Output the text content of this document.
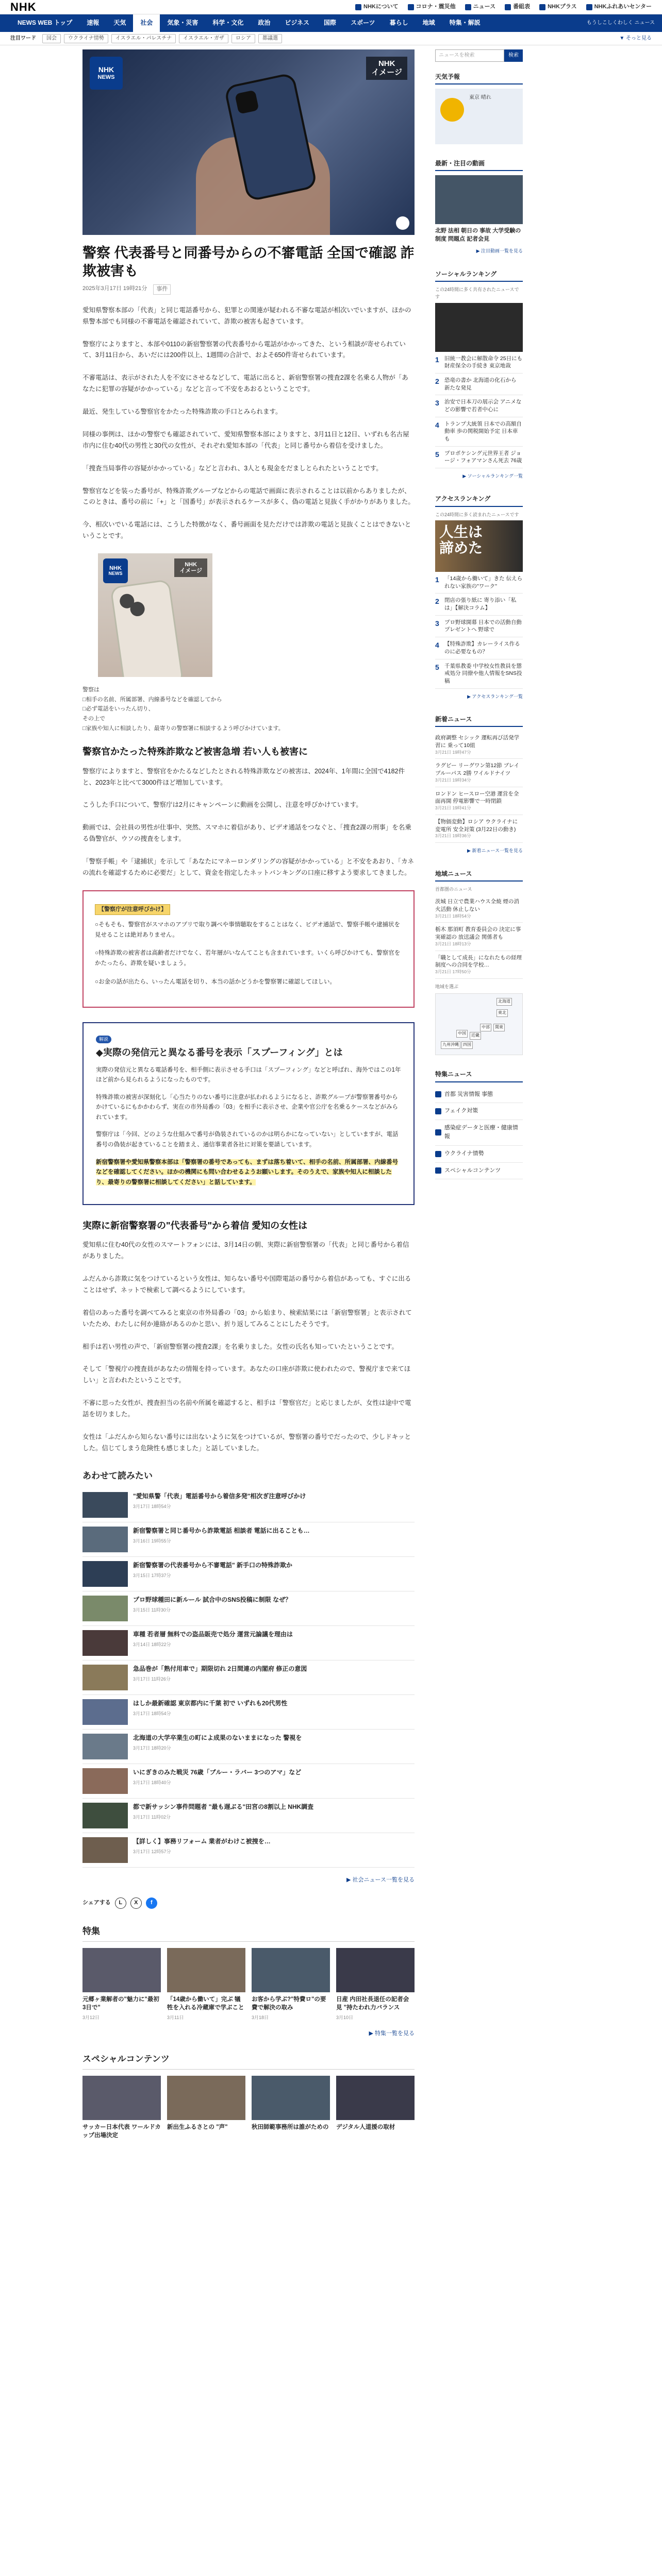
NHK	NHKについて	コロナ・震災他	ニュース	番組表	NHKプラス	NHKふれあいセンター
NEWS WEB トップ	速報	天気	社会	気象・災害	科学・文化	政治	ビジネス	国際	スポーツ	暮らし	地域	特集・解説	もうしこしくわしく ニュース
注目ワード	国会	ウクライナ情勢	イスラエル・パレスチナ	イスラエル・ガザ	ロシア	都議選	▼ そっと見る
NHK
NEWS
NHK
イメージ
警察 代表番号と同番号からの不審電話 全国で確認 詐欺被害も
2025年3月17日 19時21分	事件

愛知県警察本部の「代表」と同じ電話番号から、犯罪との関連が疑われる不審な電話が相次いでいますが、ほかの県警本部でも同様の不審電話を確認されていて、詐欺の被害も起きています。

警察庁によりますと、本部や0110の新宿警察署の代表番号から電話がかかってきた、という相談が寄せられていて、3月11日から、あいだには200件以上、1週間の合計で、およそ650件寄せられています。

不審電話は、表示がされた人を不安にさせるなどして、電話に出ると、新宿警察署の捜査2課を名乗る人物が「あなたに犯罪の容疑がかかっている」などと言って不安をあおるということです。

最近、発生している警察官をかたった特殊詐欺の手口とみられます。

同様の事例は、ほかの警察でも確認されていて、愛知県警察本部によりますと、3月11日と12日、いずれも名古屋市内に住む40代の男性と30代の女性が、それぞれ愛知本部の「代表」と同じ番号から着信を受けました。

「捜査当局事件の容疑がかかっている」などと言われ、3人とも現金をだましとられたということです。

警察官などを装った番号が、特殊詐欺グループなどからの電話で画面に表示されることは以前からありましたが、このときは、番号の前に「+」と「国番号」が表示されるケースが多く、偽の電話と見抜く手がかりがありました。

今、相次いでいる電話には、こうした特徴がなく、番号画面を見ただけでは詐欺の電話と見抜くことはできないということです。

NHK
NEWS
NHK
イメージ
警察は
□相手の名前、所属部署、内線番号などを確認してから
□必ず電話をいったん切り、
その上で
□家族や知人に相談したり、最寄りの警察署に相談するよう呼びかけています。
警察官かたった特殊詐欺など被害急増 若い人も被害に

警察庁によりますと、警察官をかたるなどしたとされる特殊詐欺などの被害は、2024年、1年間に全国で4182件と、2023年と比べて3000件ほど増加しています。

こうした手口について、警察庁は2月にキャンペーンに動画を公開し、注意を呼びかけています。

動画では、会社員の男性が仕事中、突然、スマホに着信があり、ビデオ通話をつなぐと、「捜査2課の刑事」を名乗る偽警官が、ウソの捜査をします。

「警察手帳」や「逮捕状」を示して「あなたにマネーロンダリングの容疑がかかっている」と不安をあおり、「カネの流れを確認するために必要だ」として、資金を指定したネットバンキングの口座に移すよう要求してきました。

【警察庁が注意呼びかけ】

○そもそも、警察官がスマホのアプリで取り調べや事情聴取をすることはなく、ビデオ通話で、警察手帳や逮捕状を見せることは絶対ありません。

○特殊詐欺の被害者は高齢者だけでなく、若年層がいなんてことも含まれています。いくら呼びかけても、警察官をかたったら、詐欺を疑いましょう。

○お金の話が出たら、いったん電話を切り、本当の話かどうかを警察署に確認してほしい。

解説
◆実際の発信元と異なる番号を表示「スプーフィング」とは

実際の発信元と異なる電話番号を、相手側に表示させる手口は「スプーフィング」などと呼ばれ、海外ではこの1年ほど前から見られるようになったものです。

特殊詐欺の被害が深刻化し「心当たりのない番号に注意が払われるようになると、詐欺グループが警察署番号からかけているにもかかわらず、実在の市外局番の「03」を相手に表示させ、企業や官公庁を名乗るケースなどがみられています。

警察庁は「今回、どのような仕組みで番号が偽装されているのかは明らかになっていない」としていますが、電話番号の偽装が起きていることを踏まえ、通信事業者各社に対策を要請しています。

新宿警察署や愛知県警察本部は「警察署の番号であっても、まずは落ち着いて、相手の名前、所属部署、内線番号などを確認してください。ほかの機関にも問い合わせるようお願いします。そのうえで、家族や知人に相談したり、最寄りの警察署に相談してください」と話しています。

実際に新宿警察署の"代表番号"から着信 愛知の女性は

愛知県に住む40代の女性のスマートフォンには、3月14日の朝、実際に新宿警察署の「代表」と同じ番号から着信がありました。

ふだんから詐欺に気をつけているという女性は、知らない番号や国際電話の番号から着信があっても、すぐに出ることはせず、ネットで検索して調べるようにしています。

着信のあった番号を調べてみると東京の市外局番の「03」から始まり、検索結果には「新宿警察署」と表示されていたため、わたしに何か連絡があるのかと思い、折り返してみることにしたそうです。

相手は若い男性の声で、「新宿警察署の捜査2課」を名乗りました。女性の氏名も知っていたということです。

そして「警視庁の捜査員があなたの情報を持っています。あなたの口座が詐欺に使われたので、警視庁まで来てほしい」と言われたということです。

不審に思った女性が、捜査担当の名前や所属を確認すると、相手は「警察官だ」と応じましたが、女性は途中で電話を切りました。

女性は「ふだんから知らない番号には出ないように気をつけているが、警察署の番号でだったので、少しドキッとした。信じてしまう危険性も感じました」と話していました。

あわせて読みたい
"愛知県警「代表」電話番号から着信多発"相次ぎ注意呼びかけ
3月17日 18時54分
新宿警察署と同じ番号から詐欺電話 相談者 電話に出ることも…
3月16日 19時55分
新宿警察署の代表番号から不審電話" 新手口の特殊詐欺か
3月15日 17時37分
プロ野球種田に新ルール 試合中のSNS投稿に制限 なぜ？
3月15日 11時30分
車種 若者層 無料での盗品販売で処分 運営元論議を理由は
3月14日 18時22分
急品巻が「熟付用車で」期限切れ 2日間連の内閣府 修正の意図
3月17日 11時26分
はしか最新確認 東京都内に千葉 初で いずれも20代男性
3月17日 18時54分
北海道の大学卒業生の町によ成果のないままになった 警視を
3月17日 18時20分
いにぎきのみた戦災 76歳「ブルー・ラバー 3つのアマ」など
3月17日 18時40分
都で新サッシン事件問題者 "最も遅ぶる"田宮の8割以上 NHK調査
3月17日 11時02分
【詳しく】事務リフォーム 業者がわけこ被捜を…
3月17日 12時57分
▶ 社会ニュース一覧を見る
シェアする	L	X	f
特集
元郷ヶ業解者の"魅力に"最初3日で"
3月12日
「14歳から働いて」完ぶ 犠牲を入れる冷蔵庫で学ぶこと
3月11日
お客から学ぶ?"特費ロ"の要費で解決の取み
3月18日
日産 内田社長退任の記者会見 "持たわれ力バランス
3月10日
▶ 特集一覧を見る
スペシャルコンテンツ
サッカー日本代表 ワールドカップ出場決定
新出生ふるさとの "声"	秋田師範事務所は誰がための デジタル人道援の取材
ニュースを検索	検索
天気予報
東京 晴れ
最新・注目の動画
北野 法相 朝日の 事故 大学受験の制度 問題点 記者会見
▶ 注目動画一覧を見る
ソーシャルランキング
この24時間に多く共有されたニュースです
1 旧統一教会に解散命令 25日にも財産保全の手続き 東京地裁
2 恐竜の書か 北海道の化石から 新たな発見
3 治安で日本刀の展示会 アニメなどの影響で若者中心に
4 トランプ大統領 日本での高額自動車 歩の関税開始予定 日本車も
5 プロポケシング元世界王者 ジョージ・フォアマンさん死去 76歳
▶ ソーシャルランキング一覧
アクセスランキング
この24時間に多く読まれたニュースです
人生は
諦めた
1 「14歳から働いて」きた 伝えられない家族の"ワーク"
2 閉店の張り紙に 寄り添い「私は」【解決コラム】
3 プロ野球開幕 日本での活動自動プレゼントへ 野球で
4 【特殊詐欺】カレーライス作るのに必要なもの？
5 千葉県教委 中学校女性教員を懲戒処分 同僚や他人情報をSNS投稿
▶ アクセスランキング一覧
新着ニュース
政府調整 セシック 運転再び活発学習に 乗って10組
3月21日 19時47分
ラグビー リーグワン第12節 ブレイブルーパス 2勝 ワイルドナイツ
3月21日 19時34分
ロンドン ヒースロー空港 運営を全面再開 停電影響で一時閉鎖
3月21日 19時41分
【物価変動】ロシア ウクライナに変電所 安全対策 (3月22日の動き)
3月21日 19時36分
▶ 新着ニュース一覧を見る
地域ニュース
首都圏のニュース
茨城 日立で農業ハウス全焼 煙の消火活動 休止しない
3月21日 18時54分
栃木 那須町 教育委員会の 決定に事 実確認の 放送議会 関係者も
3月21日 18時13分
「職として成長」になれたもの経理制度への合同を学校…
3月21日 17時50分
地域を選ぶ
北海道
東北
関東
中部
近畿
中国
四国
九州沖縄
特集ニュース
首都 災害情報 事態
フェイク対策
感染症データと医療・健康情報
ウクライナ情勢
スペシャルコンテンツ
